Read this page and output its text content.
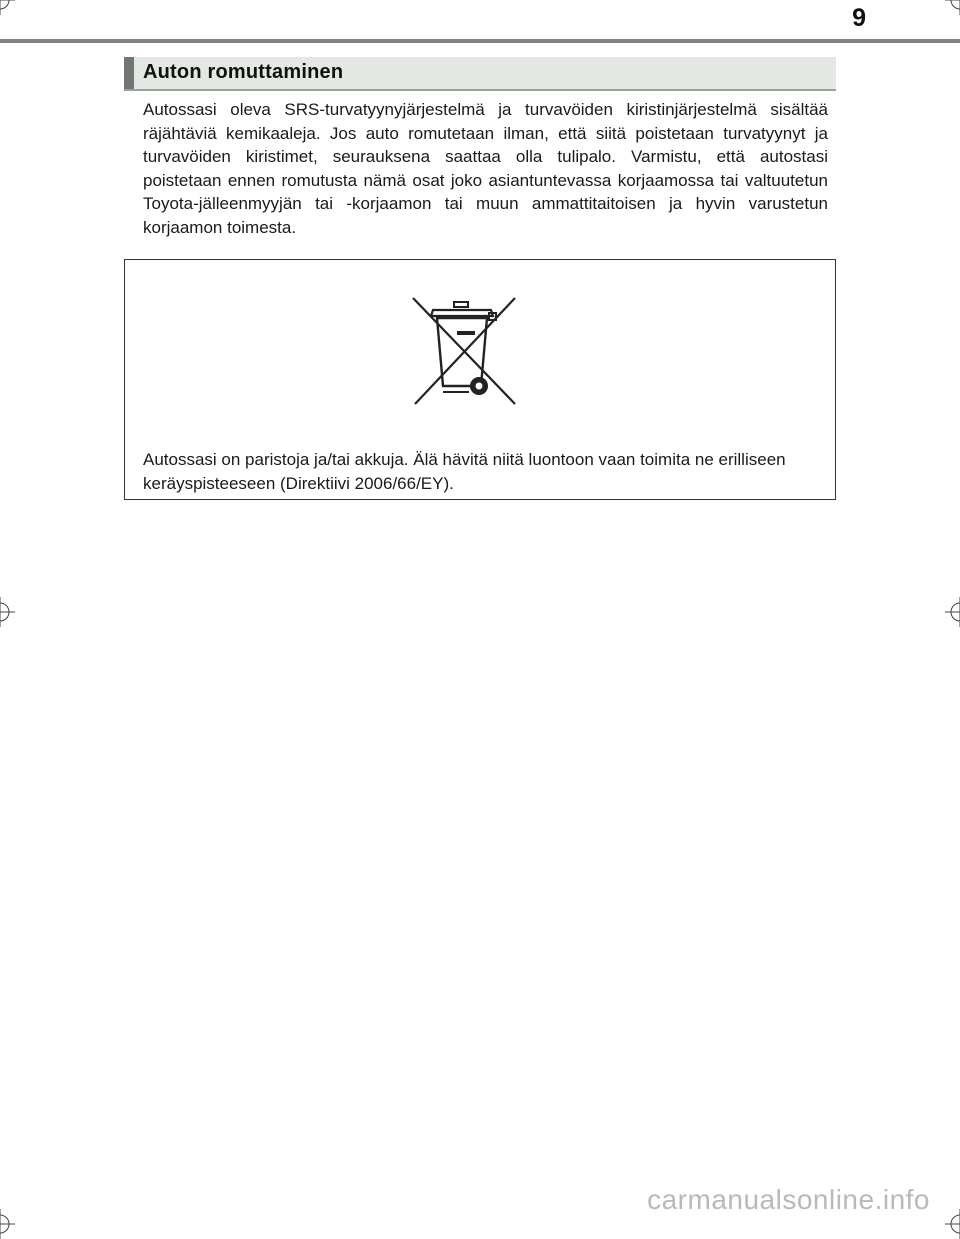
9
Auton romuttaminen
Autossasi oleva SRS-turvatyynyjärjestelmä ja turvavöiden kiristinjärjestelmä sisältää räjähtäviä kemikaaleja. Jos auto romutetaan ilman, että siitä poistetaan turvatyynyt ja turvavöiden kiristimet, seurauksena saattaa olla tulipalo. Varmistu, että autostasi poistetaan ennen romutusta nämä osat joko asiantuntevassa korjaamossa tai valtuutetun Toyota-jälleenmyyjän tai -korjaamon tai muun ammattitaitoisen ja hyvin varustetun korjaamon toimesta.
Autossasi on paristoja ja/tai akkuja. Älä hävitä niitä luontoon vaan toimita ne erilliseen keräyspisteeseen (Direktiivi 2006/66/EY).
carmanualsonline.info
